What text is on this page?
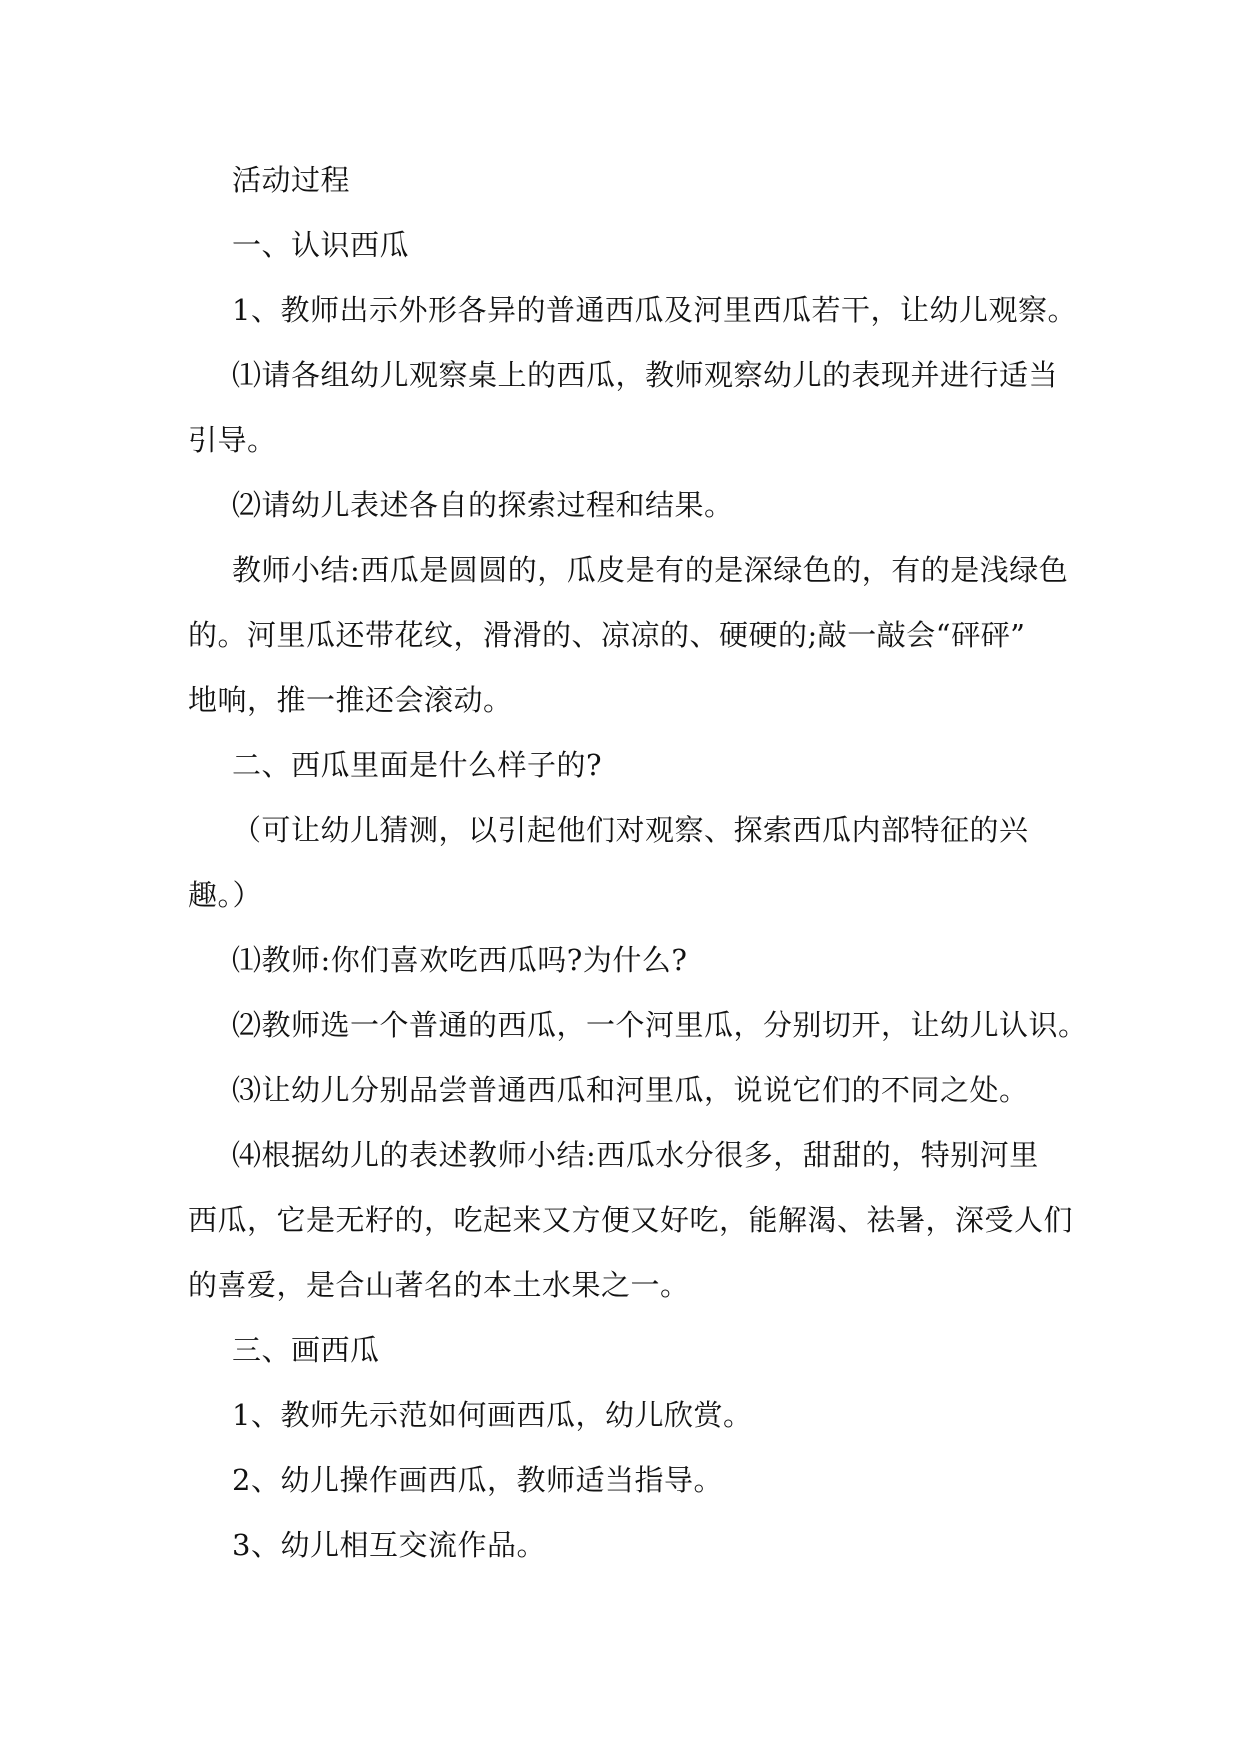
活动过程
一、认识西瓜
1、教师出示外形各异的普通西瓜及河里西瓜若干，让幼儿观察。
⑴请各组幼儿观察桌上的西瓜，教师观察幼儿的表现并进行适当
引导。
⑵请幼儿表述各自的探索过程和结果。
教师小结:西瓜是圆圆的，瓜皮是有的是深绿色的，有的是浅绿色
的。河里瓜还带花纹，滑滑的、凉凉的、硬硬的;敲一敲会“砰砰”
地响，推一推还会滚动。
二、西瓜里面是什么样子的?
（可让幼儿猜测，以引起他们对观察、探索西瓜内部特征的兴
趣。）
⑴教师:你们喜欢吃西瓜吗?为什么?
⑵教师选一个普通的西瓜，一个河里瓜，分别切开，让幼儿认识。
⑶让幼儿分别品尝普通西瓜和河里瓜，说说它们的不同之处。
⑷根据幼儿的表述教师小结:西瓜水分很多，甜甜的，特别河里
西瓜，它是无籽的，吃起来又方便又好吃，能解渴、祛暑，深受人们
的喜爱，是合山著名的本土水果之一。
三、画西瓜
1、教师先示范如何画西瓜，幼儿欣赏。
2、幼儿操作画西瓜，教师适当指导。
3、幼儿相互交流作品。
